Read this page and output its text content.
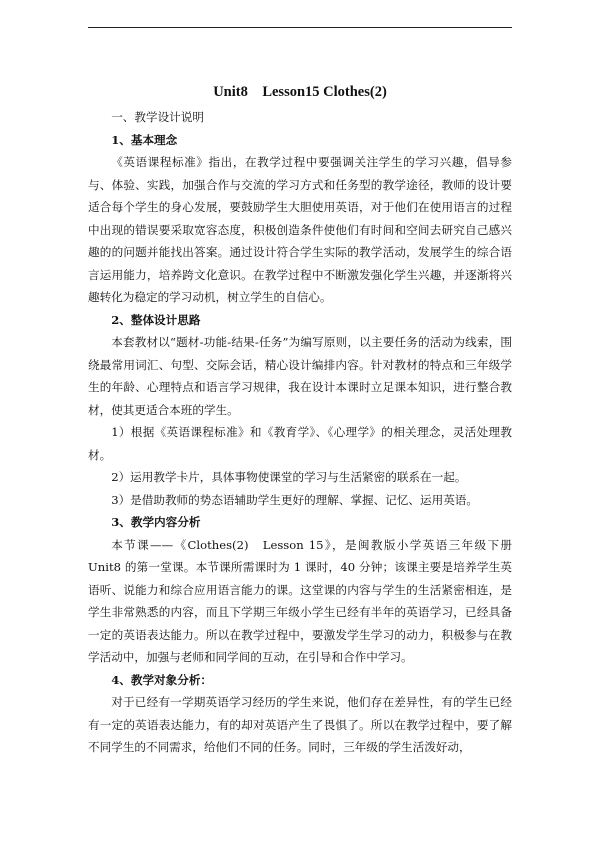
Unit8　Lesson15 Clothes(2)

一、教学设计说明

1、基本理念

《英语课程标准》指出，在教学过程中要强调关注学生的学习兴趣，倡导参与、体验、实践，加强合作与交流的学习方式和任务型的教学途径，教师的设计要适合每个学生的身心发展，要鼓励学生大胆使用英语，对于他们在使用语言的过程中出现的错误要采取宽容态度，积极创造条件使他们有时间和空间去研究自己感兴趣的的问题并能找出答案。通过设计符合学生实际的教学活动，发展学生的综合语言运用能力，培养跨文化意识。在教学过程中不断激发强化学生兴趣，并逐渐将兴趣转化为稳定的学习动机，树立学生的自信心。

2、整体设计思路

本套教材以“题材-功能-结果-任务”为编写原则，以主要任务的活动为线索，围绕最常用词汇、句型、交际会话，精心设计编排内容。针对教材的特点和三年级学生的年龄、心理特点和语言学习规律，我在设计本课时立足课本知识，进行整合教材，使其更适合本班的学生。

1）根据《英语课程标准》和《教育学》、《心理学》的相关理念，灵活处理教材。

2）运用教学卡片，具体事物使课堂的学习与生活紧密的联系在一起。

3）是借助教师的势态语辅助学生更好的理解、掌握、记忆、运用英语。

3、教学内容分析

本节课——《Clothes(2)　Lesson 15》，是闽教版小学英语三年级下册 Unit8 的第一堂课。本节课所需课时为 1 课时，40 分钟；该课主要是培养学生英语听、说能力和综合应用语言能力的课。这堂课的内容与学生的生活紧密相连，是学生非常熟悉的内容，而且下学期三年级小学生已经有半年的英语学习，已经具备一定的英语表达能力。所以在教学过程中，要激发学生学习的动力，积极参与在教学活动中，加强与老师和同学间的互动，在引导和合作中学习。

4、教学对象分析：

对于已经有一学期英语学习经历的学生来说，他们存在差异性，有的学生已经有一定的英语表达能力，有的却对英语产生了畏惧了。所以在教学过程中，要了解不同学生的不同需求，给他们不同的任务。同时，三年级的学生活泼好动，
